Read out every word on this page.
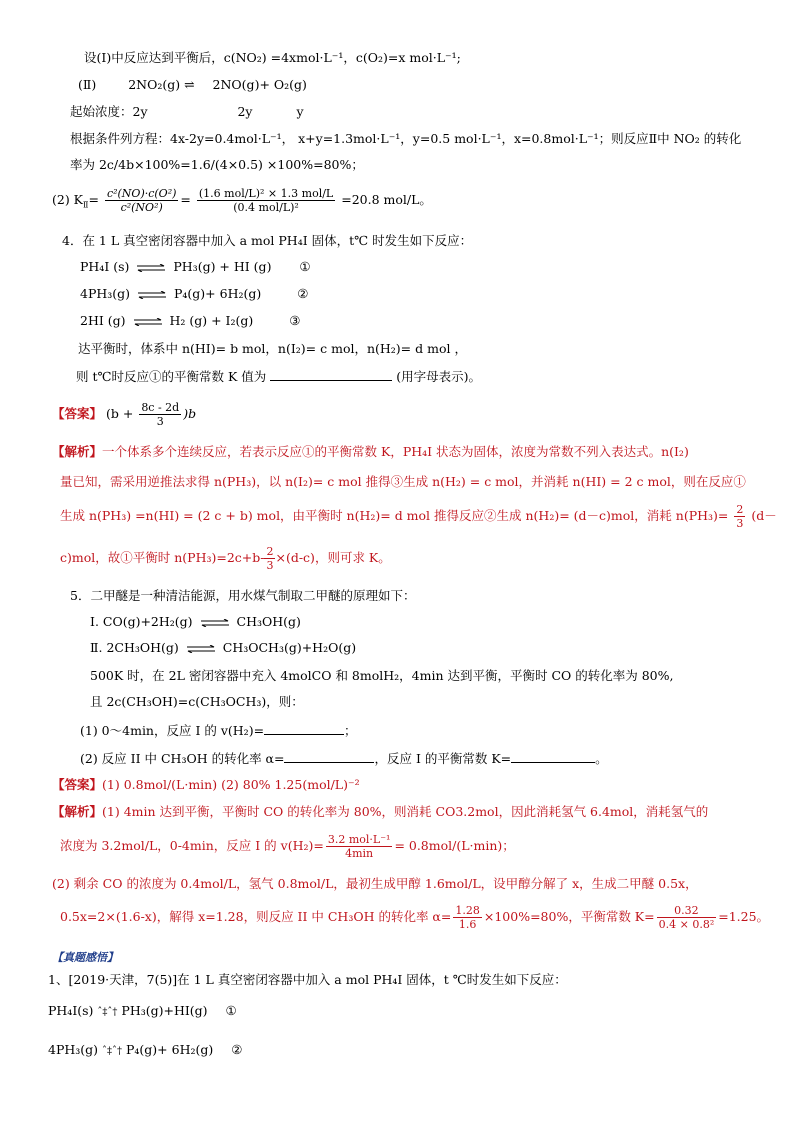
设(Ⅰ)中反应达到平衡后，c(NO₂) =4xmol·L⁻¹，c(O₂)=x mol·L⁻¹;
(Ⅱ)	2NO₂(g) ⇌ 2NO(g)+ O₂(g)
起始浓度：2y	2y	y
根据条件列方程：4x-2y=0.4mol·L⁻¹， x+y=1.3mol·L⁻¹，y=0.5 mol·L⁻¹，x=0.8mol·L⁻¹；则反应Ⅱ中 NO₂ 的转化
率为 2c/4b×100%=1.6/(4×0.5) ×100%=80%；
(2) $K_Ⅱ= \frac{\text{c²(NO)·c(O²)}}{\text{c²(NO²)}} = \frac{\text{(1.6 mol/L)² × 1.3 mol/L}}{\text{(0.4 mol/L)²}} =20.8$ mol/L。
4．在 1 L 真空密闭容器中加入 a mol PH₄I 固体，t℃ 时发生如下反应：
PH₄I (s) ⇌ PH₃(g) + HI (g) ①
4PH₃(g) ⇌ P₄(g)+ 6H₂(g)	②
2HI (g) ⇌ H₂ (g) + I₂(g)	③
达平衡时，体系中 n(HI)= b mol，n(I₂)= c mol，n(H₂)= d mol ，
则 t℃时反应①的平衡常数 K 值为	(用字母表示)。
【答案】 $(b + \frac{8c - 2d}{3} )b$
【解析】一个体系多个连续反应，若表示反应①的平衡常数 K，PH₄I 状态为固体，浓度为常数不列入表达式。n(I₂)
量已知，需采用逆推法求得 n(PH₃)，以 n(I₂)= c mol 推得③生成 n(H₂) = c mol，并消耗 n(HI) = 2 c mol，则在反应①
生成 n(PH₃) =n(HI) = (2 c + b) mol，由平衡时 n(H₂)= d mol 推得反应②生成 n(H₂)= (d－c)mol，消耗 $n(PH_3)= \frac{2}{3} (d-$
c)mol，故①平衡时 $n(PH_3)=2c+b- \frac{2}{3} \times(d-c)$，则可求 K。
5．二甲醚是一种清洁能源，用水煤气制取二甲醚的原理如下：
Ⅰ. CO(g)+2H₂(g) ⇌ CH₃OH(g)
Ⅱ. 2CH₃OH(g) ⇌ CH₃OCH₃(g)+H₂O(g)
500K 时，在 2L 密闭容器中充入 4molCO 和 8molH₂，4min 达到平衡，平衡时 CO 的转化率为 80%,
且 2c(CH₃OH)=c(CH₃OCH₃)，则：
(1) 0～4min，反应 I 的 v(H₂)=	；
(2) 反应 II 中 CH₃OH 的转化率 α=	，反应 I 的平衡常数 K=	。
【答案】(1) 0.8mol/(L·min) (2) 80% 1.25(mol/L)⁻²
【解析】(1) 4min 达到平衡，平衡时 CO 的转化率为 80%，则消耗 CO3.2mol，因此消耗氢气 6.4mol，消耗氢气的
浓度为 3.2mol/L，0-4min，反应 I 的 $v(H_2)= \frac{\text{3.2 mol·L⁻¹}}{4\min} = 0.8mol/(L\cdot\min)$；
(2) 剩余 CO 的浓度为 0.4mol/L，氢气 0.8mol/L，最初生成甲醇 1.6mol/L，设甲醇分解了 x，生成二甲醚 0.5x，
0.5x=2×(1.6-x)，解得 x=1.28，则反应 II 中 CH₃OH 的转化率 $\alpha= \frac{1.28}{1.6} \times 100\%=80\%$，平衡常数 $K= \frac{0.32}{\text{0.4 × 0.8²}} =1.25$。
【真题感悟】
1、[2019·天津，7(5)]在 1 L 真空密闭容器中加入 a mol PH₄I 固体，t ℃时发生如下反应：
PH₄I(s) ˆ‡ˆ† PH₃(g)+HI(g) ①
4PH₃(g) ˆ‡ˆ† P₄(g)+ 6H₂(g) ②
